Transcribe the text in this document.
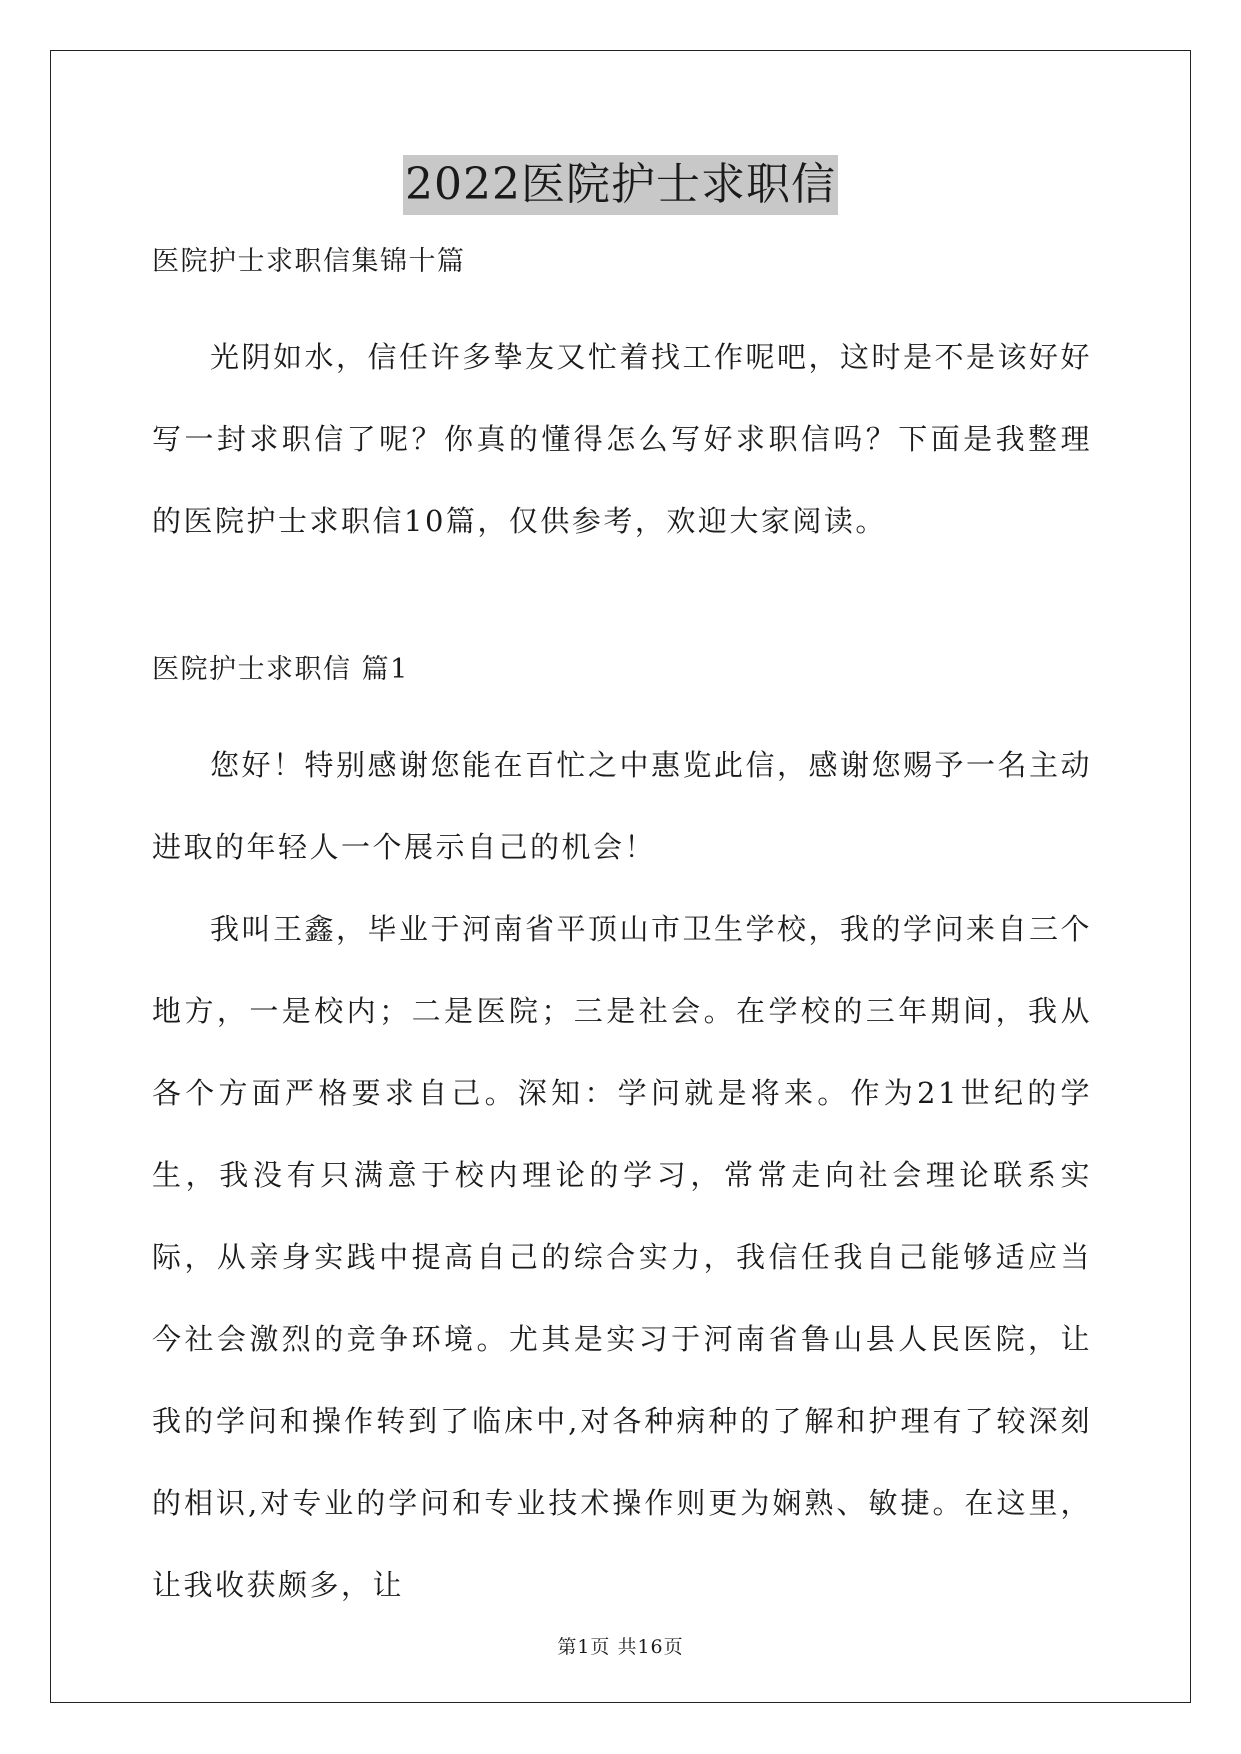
2022医院护士求职信

医院护士求职信集锦十篇

光阴如水，信任许多挚友又忙着找工作呢吧，这时是不是该好好写一封求职信了呢？你真的懂得怎么写好求职信吗？下面是我整理的医院护士求职信10篇，仅供参考，欢迎大家阅读。

医院护士求职信 篇1

您好！特别感谢您能在百忙之中惠览此信，感谢您赐予一名主动进取的年轻人一个展示自己的机会！

我叫王鑫，毕业于河南省平顶山市卫生学校，我的学问来自三个地方，一是校内；二是医院；三是社会。在学校的三年期间，我从各个方面严格要求自己。深知：学问就是将来。作为21世纪的学生，我没有只满意于校内理论的学习，常常走向社会理论联系实际，从亲身实践中提高自己的综合实力，我信任我自己能够适应当今社会激烈的竞争环境。尤其是实习于河南省鲁山县人民医院，让我的学问和操作转到了临床中,对各种病种的了解和护理有了较深刻的相识,对专业的学问和专业技术操作则更为娴熟、敏捷。在这里，让我收获颇多，让

第1页 共16页
